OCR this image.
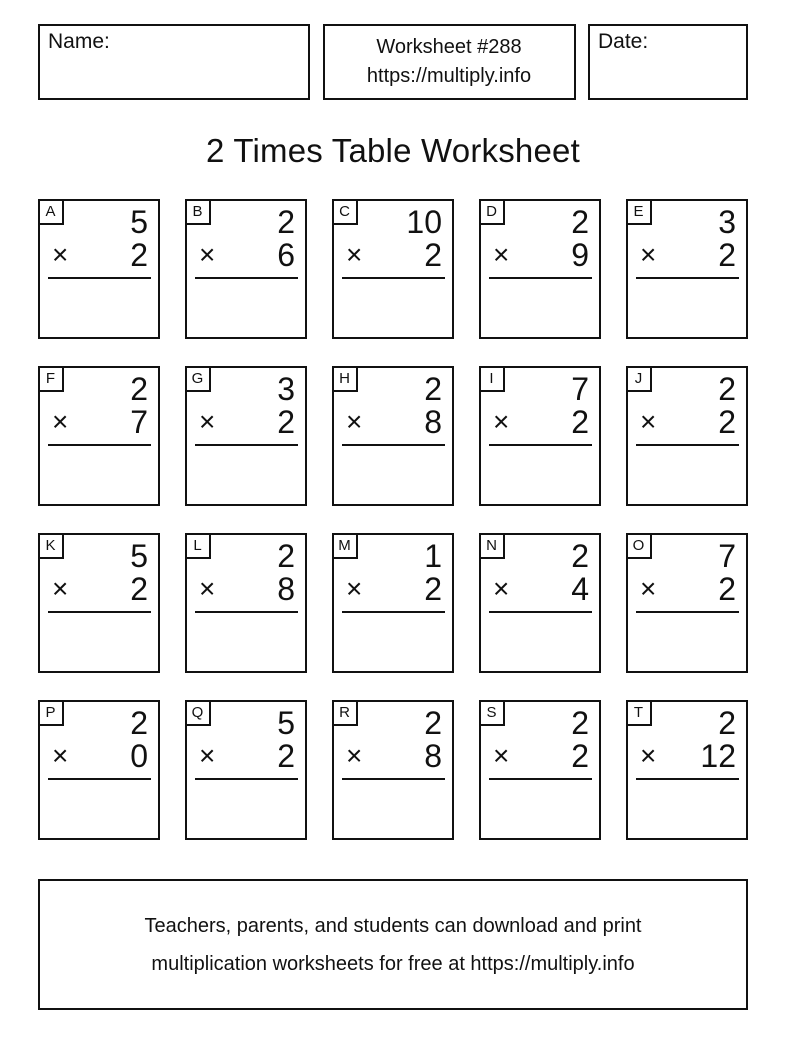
Name:	Worksheet #288
https://multiply.info
Date:
2 Times Table Worksheet
A 5
× 2
B 2
× 6
C 10
× 2
D 2
× 9
E 3
× 2
F 2
× 7
G 3
× 2
H 2
× 8
I 7
× 2
J 2
× 2
K 5
× 2
L 2
× 8
M 1
× 2
N 2
× 4
O 7
× 2
P 2
× 0
Q 5
× 2
R 2
× 8
S 2
× 2
T 2
× 12
Teachers, parents, and students can download and print
multiplication worksheets for free at https://multiply.info
